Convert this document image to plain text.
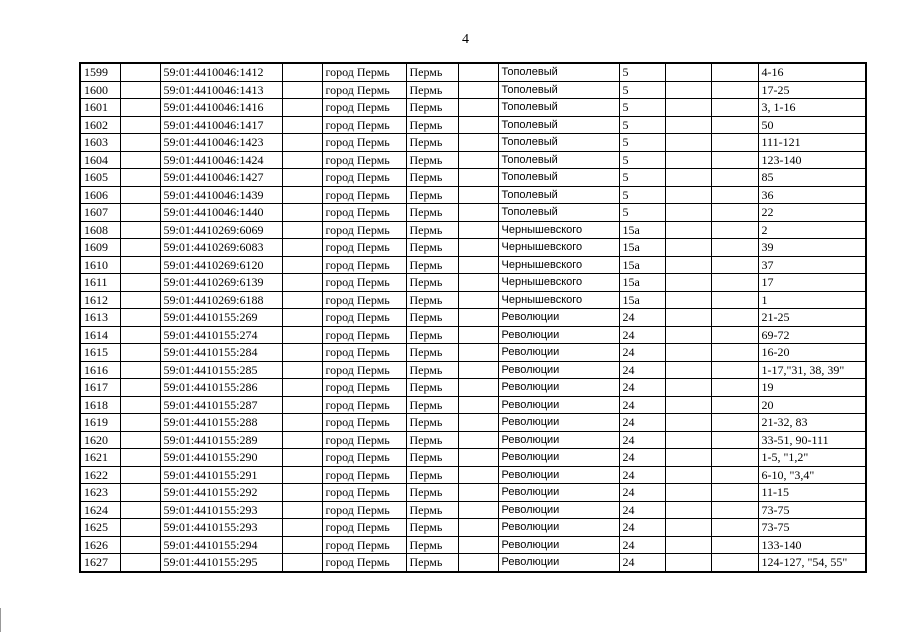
4
1599		59:01:4410046:1412		город Пермь	Пермь		Тополевый	5			4-16
1600		59:01:4410046:1413		город Пермь	Пермь		Тополевый	5			17-25
1601		59:01:4410046:1416		город Пермь	Пермь		Тополевый	5			3, 1-16
1602		59:01:4410046:1417		город Пермь	Пермь		Тополевый	5			50
1603		59:01:4410046:1423		город Пермь	Пермь		Тополевый	5			111-121
1604		59:01:4410046:1424		город Пермь	Пермь		Тополевый	5			123-140
1605		59:01:4410046:1427		город Пермь	Пермь		Тополевый	5			85
1606		59:01:4410046:1439		город Пермь	Пермь		Тополевый	5			36
1607		59:01:4410046:1440		город Пермь	Пермь		Тополевый	5			22
1608		59:01:4410269:6069		город Пермь	Пермь		Чернышевского	15а			2
1609		59:01:4410269:6083		город Пермь	Пермь		Чернышевского	15а			39
1610		59:01:4410269:6120		город Пермь	Пермь		Чернышевского	15а			37
1611		59:01:4410269:6139		город Пермь	Пермь		Чернышевского	15а			17
1612		59:01:4410269:6188		город Пермь	Пермь		Чернышевского	15а			1
1613		59:01:4410155:269		город Пермь	Пермь		Революции	24			21-25
1614		59:01:4410155:274		город Пермь	Пермь		Революции	24			69-72
1615		59:01:4410155:284		город Пермь	Пермь		Революции	24			16-20
1616		59:01:4410155:285		город Пермь	Пермь		Революции	24			1-17,"31, 38, 39"
1617		59:01:4410155:286		город Пермь	Пермь		Революции	24			19
1618		59:01:4410155:287		город Пермь	Пермь		Революции	24			20
1619		59:01:4410155:288		город Пермь	Пермь		Революции	24			21-32, 83
1620		59:01:4410155:289		город Пермь	Пермь		Революции	24			33-51, 90-111
1621		59:01:4410155:290		город Пермь	Пермь		Революции	24			1-5, "1,2"
1622		59:01:4410155:291		город Пермь	Пермь		Революции	24			6-10, "3,4"
1623		59:01:4410155:292		город Пермь	Пермь		Революции	24			11-15
1624		59:01:4410155:293		город Пермь	Пермь		Революции	24			73-75
1625		59:01:4410155:293		город Пермь	Пермь		Революции	24			73-75
1626		59:01:4410155:294		город Пермь	Пермь		Революции	24			133-140
1627		59:01:4410155:295		город Пермь	Пермь		Революции	24			124-127, "54, 55"
